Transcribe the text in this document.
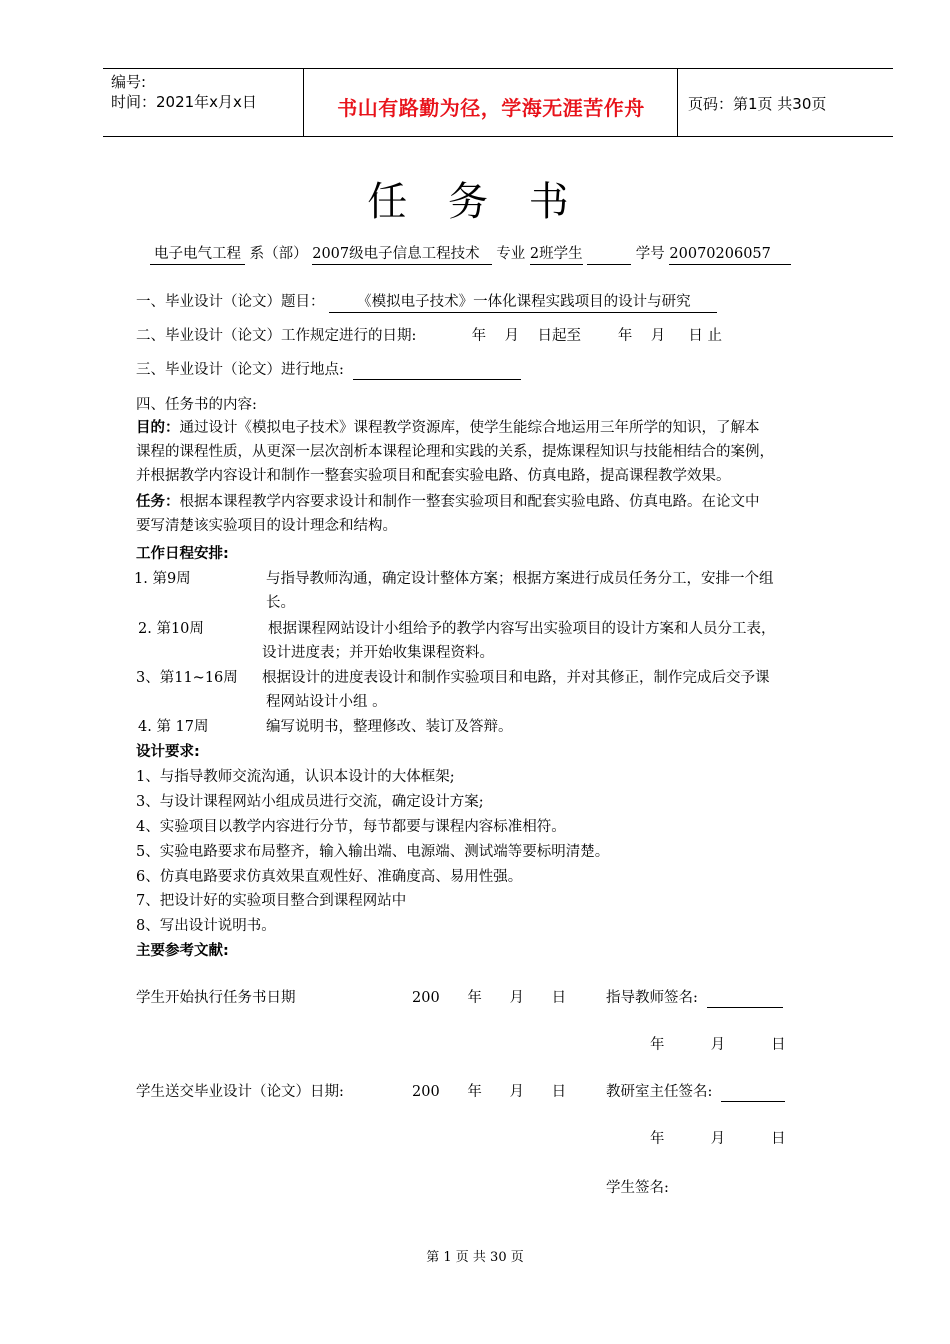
编号:
时间：2021年x月x日	页码：第1页 共30页
书山有路勤为径，学海无涯苦作舟
任 务 书
电子电气工程 系（部） 2007级电子信息工程技术 专业 2班学生	学号 20070206057
一、毕业设计（论文）题目： 《模拟电子技术》一体化课程实践项目的设计与研究
二、毕业设计（论文）工作规定进行的日期:	年    月    日起至        年    月     日 止
三、毕业设计（论文）进行地点:
四、任务书的内容:
目的：通过设计《模拟电子技术》课程教学资源库，使学生能综合地运用三年所学的知识，了解本
课程的课程性质，从更深一层次剖析本课程论理和实践的关系，提炼课程知识与技能相结合的案例，
并根据教学内容设计和制作一整套实验项目和配套实验电路、仿真电路，提高课程教学效果。
任务：根据本课程教学内容要求设计和制作一整套实验项目和配套实验电路、仿真电路。在论文中
要写清楚该实验项目的设计理念和结构。
工作日程安排:
1. 第9周	与指导教师沟通，确定设计整体方案；根据方案进行成员任务分工，安排一个组
长。
2. 第10周	根据课程网站设计小组给予的教学内容写出实验项目的设计方案和人员分工表，
设计进度表；并开始收集课程资料。
3、第11~16周 根据设计的进度表设计和制作实验项目和电路，并对其修正，制作完成后交予课
程网站设计小组 。
4. 第 17周	编写说明书，整理修改、装订及答辩。
设计要求:
1、与指导教师交流沟通，认识本设计的大体框架;
3、与设计课程网站小组成员进行交流，确定设计方案;
4、实验项目以教学内容进行分节，每节都要与课程内容标准相符。
5、实验电路要求布局整齐，输入输出端、电源端、测试端等要标明清楚。
6、仿真电路要求仿真效果直观性好、准确度高、易用性强。
7、把设计好的实验项目整合到课程网站中
8、写出设计说明书。
主要参考文献:
学生开始执行任务书日期	200      年      月      日	指导教师签名:
年          月          日
学生送交毕业设计（论文）日期:	200      年      月      日	教研室主任签名:
年          月          日
学生签名:
第 1 页 共 30 页
